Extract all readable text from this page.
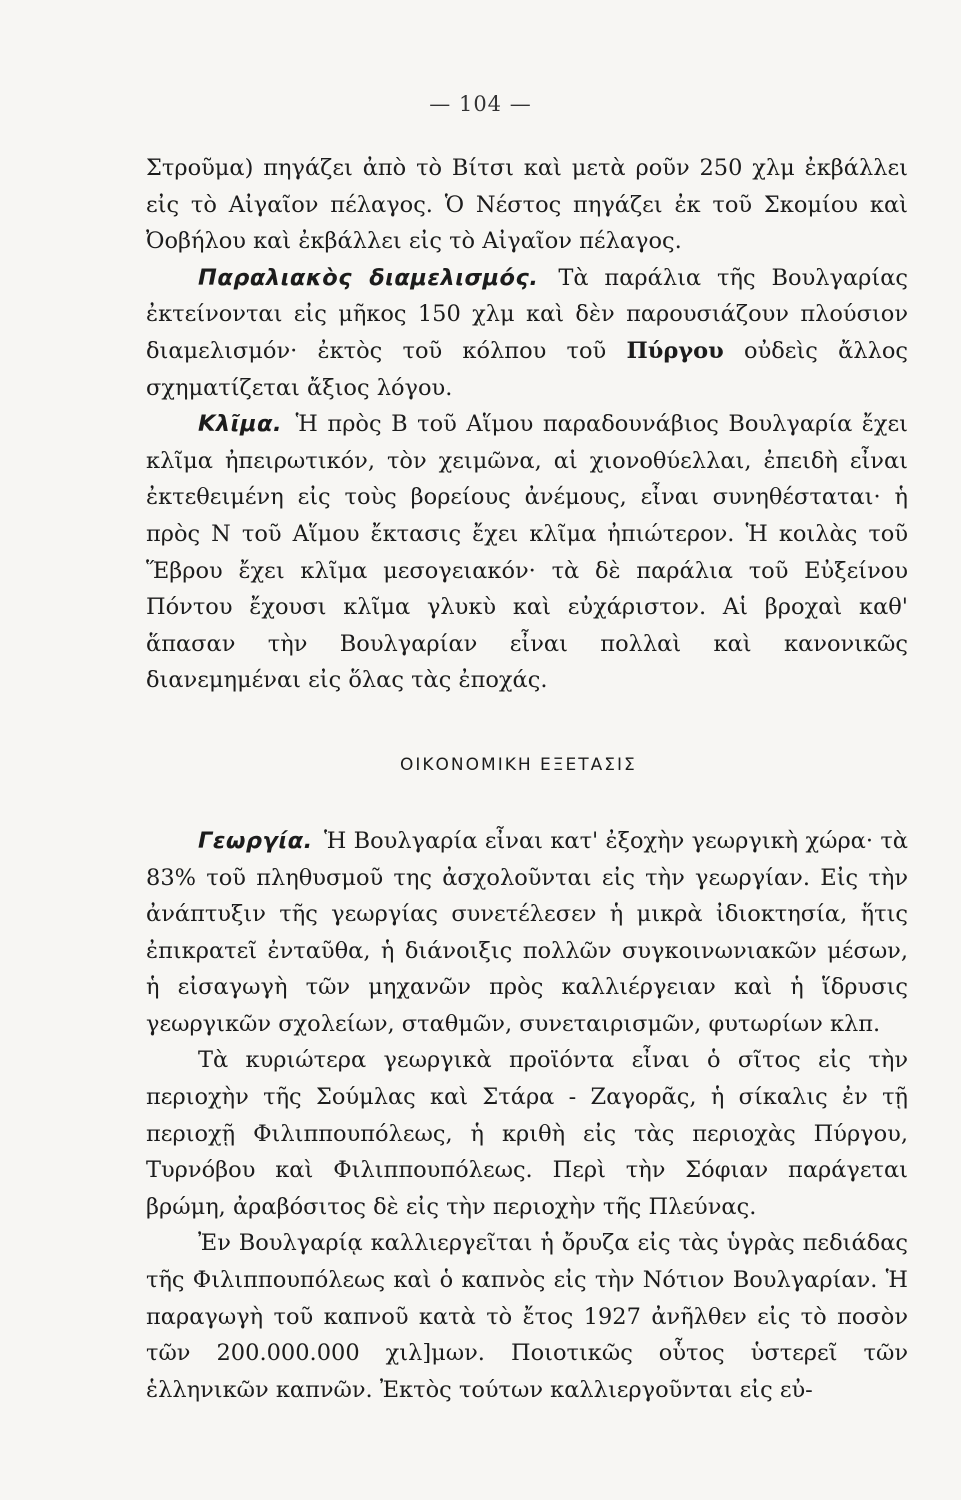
— 104 —

Στροῦμα) πηγάζει ἀπὸ τὸ Βίτσι καὶ μετὰ ροῦν 250 χλμ ἐκβάλλει εἰς τὸ Αἰγαῖον πέλαγος. Ὁ Νέστος πηγάζει ἐκ τοῦ Σκομίου καὶ Ὀοβήλου καὶ ἐκβάλλει εἰς τὸ Αἰγαῖον πέλαγος.

Παραλιακὸς διαμελισμός. Τὰ παράλια τῆς Βουλγαρίας ἐκτείνονται εἰς μῆκος 150 χλμ καὶ δὲν παρουσιάζουν πλούσιον διαμελισμόν· ἐκτὸς τοῦ κόλπου τοῦ Πύργου οὐδεὶς ἄλλος σχηματίζεται ἄξιος λόγου.

Κλῖμα. Ἡ πρὸς Β τοῦ Αἵμου παραδουνάβιος Βουλγαρία ἔχει κλῖμα ἠπειρωτικόν, τὸν χειμῶνα, αἱ χιονοθύελλαι, ἐπειδὴ εἶναι ἐκτεθειμένη εἰς τοὺς βορείους ἀνέμους, εἶναι συνηθέσταται· ἡ πρὸς Ν τοῦ Αἵμου ἔκτασις ἔχει κλῖμα ἠπιώτερον. Ἡ κοιλὰς τοῦ Ἕβρου ἔχει κλῖμα μεσογειακόν· τὰ δὲ παράλια τοῦ Εὐξείνου Πόντου ἔχουσι κλῖμα γλυκὺ καὶ εὐχάριστον. Αἱ βροχαὶ καθ' ἅπασαν τὴν Βουλγαρίαν εἶναι πολλαὶ καὶ κανονικῶς διανεμημέναι εἰς ὅλας τὰς ἐποχάς.

ΟΙΚΟΝΟΜΙΚΗ ΕΞΕΤΑΣΙΣ

Γεωργία. Ἡ Βουλγαρία εἶναι κατ' ἐξοχὴν γεωργικὴ χώρα· τὰ 83% τοῦ πληθυσμοῦ της ἀσχολοῦνται εἰς τὴν γεωργίαν. Εἰς τὴν ἀνάπτυξιν τῆς γεωργίας συνετέλεσεν ἡ μικρὰ ἰδιοκτησία, ἥτις ἐπικρατεῖ ἐνταῦθα, ἡ διάνοιξις πολλῶν συγκοινωνιακῶν μέσων, ἡ εἰσαγωγὴ τῶν μηχανῶν πρὸς καλλιέργειαν καὶ ἡ ἵδρυσις γεωργικῶν σχολείων, σταθμῶν, συνεταιρισμῶν, φυτωρίων κλπ.

Τὰ κυριώτερα γεωργικὰ προϊόντα εἶναι ὁ σῖτος εἰς τὴν περιοχὴν τῆς Σούμλας καὶ Στάρα - Ζαγορᾶς, ἡ σίκαλις ἐν τῇ περιοχῇ Φιλιππουπόλεως, ἡ κριθὴ εἰς τὰς περιοχὰς Πύργου, Τυρνόβου καὶ Φιλιππουπόλεως. Περὶ τὴν Σόφιαν παράγεται βρώμη, ἀραβόσιτος δὲ εἰς τὴν περιοχὴν τῆς Πλεύνας.

Ἐν Βουλγαρίᾳ καλλιεργεῖται ἡ ὄρυζα εἰς τὰς ὑγρὰς πεδιάδας τῆς Φιλιππουπόλεως καὶ ὁ καπνὸς εἰς τὴν Νότιον Βουλγαρίαν. Ἡ παραγωγὴ τοῦ καπνοῦ κατὰ τὸ ἔτος 1927 ἀνῆλθεν εἰς τὸ ποσὸν τῶν 200.000.000 χιλ]μων. Ποιοτικῶς οὗτος ὑστερεῖ τῶν ἑλληνικῶν καπνῶν. Ἐκτὸς τούτων καλλιεργοῦνται εἰς εὐ-
